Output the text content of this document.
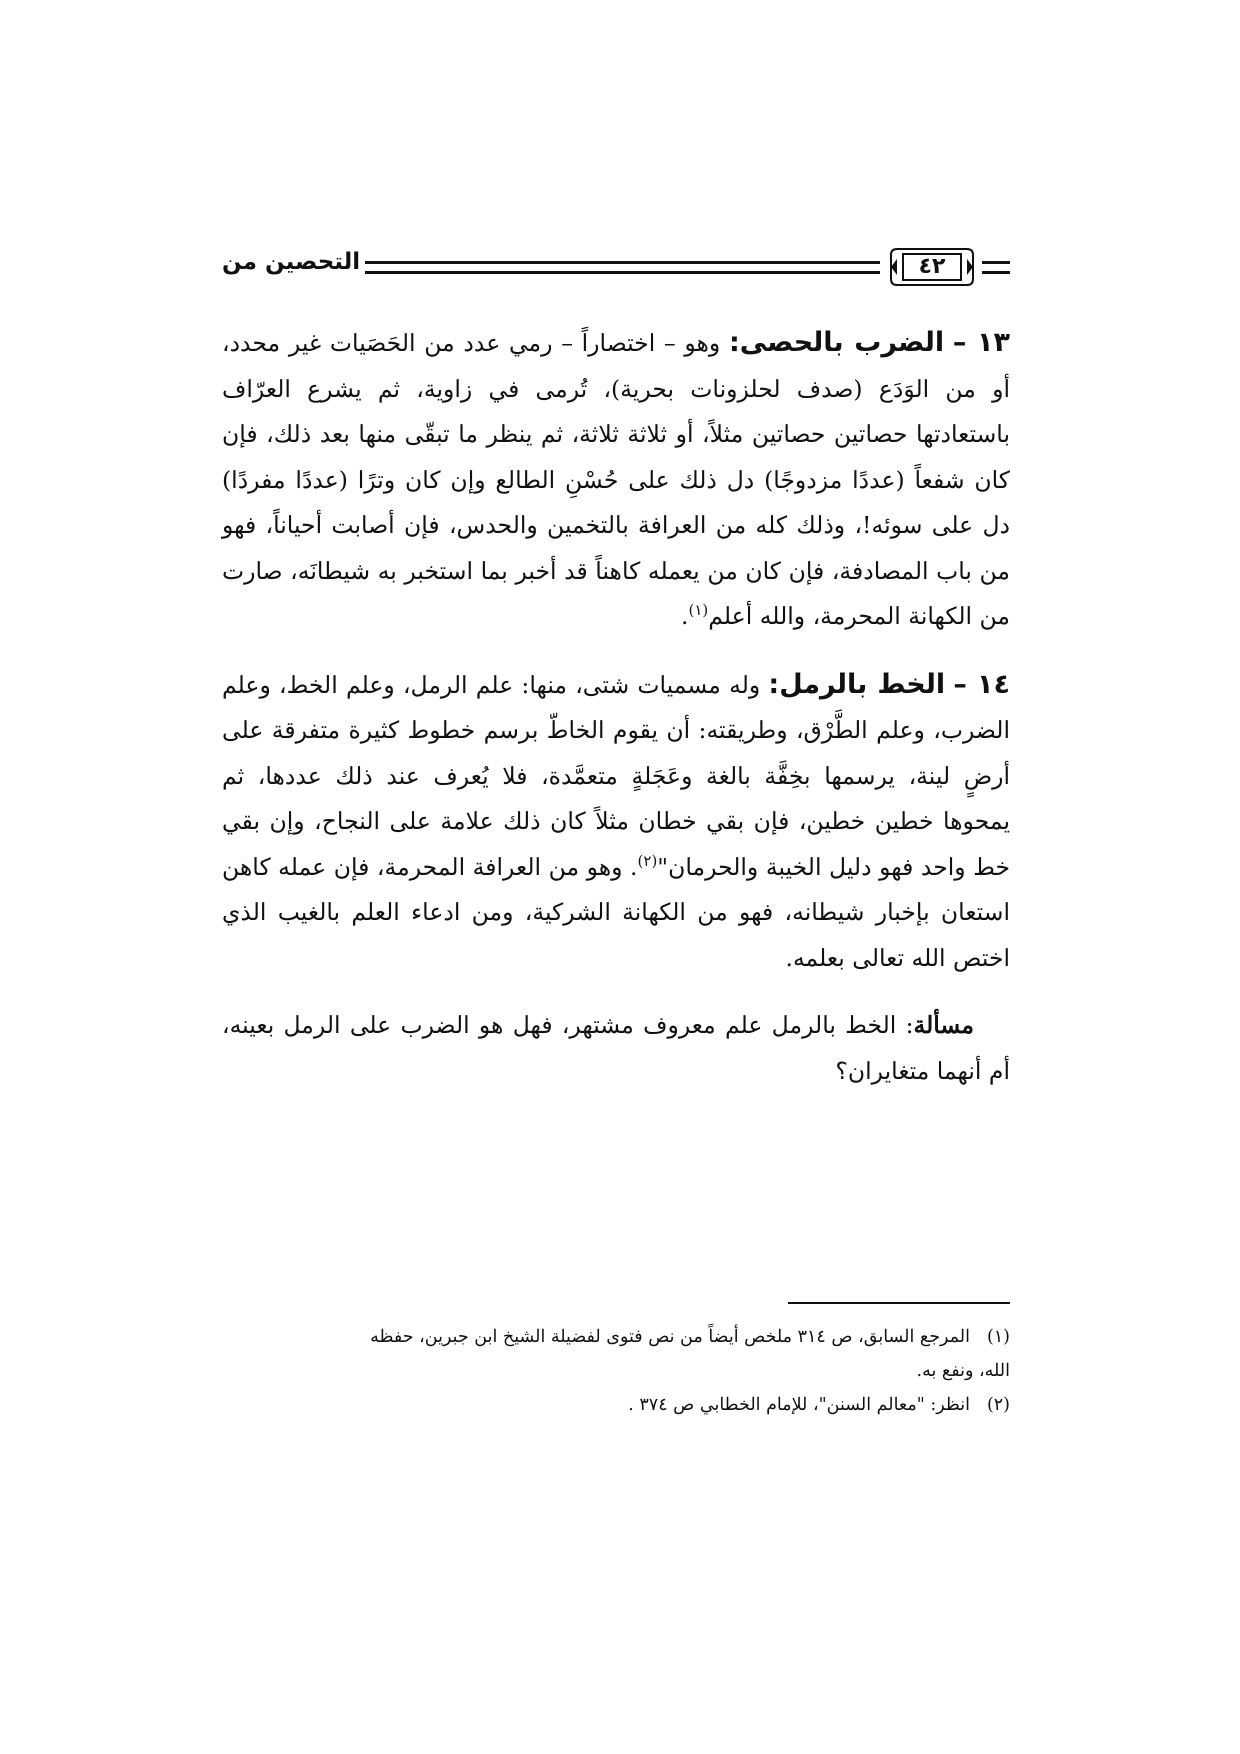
٤٢
التحصين من

١٣ – الضرب بالحصى: وهو – اختصاراً – رمي عدد من الحَصَيات غير محدد، أو من الوَدَع (صدف لحلزونات بحرية)، تُرمى في زاوية، ثم يشرع العرّاف باستعادتها حصاتين حصاتين مثلاً، أو ثلاثة ثلاثة، ثم ينظر ما تبقّى منها بعد ذلك، فإن كان شفعاً (عددًا مزدوجًا) دل ذلك على حُسْنِ الطالع وإن كان وترًا (عددًا مفردًا) دل على سوئه!، وذلك كله من العرافة بالتخمين والحدس، فإن أصابت أحياناً، فهو من باب المصادفة، فإن كان من يعمله كاهناً قد أخبر بما استخبر به شيطانَه، صارت من الكهانة المحرمة، والله أعلم$^{(١)}$.

١٤ – الخط بالرمل: وله مسميات شتى، منها: علم الرمل، وعلم الخط، وعلم الضرب، وعلم الطَّرْق، وطريقته: أن يقوم الخاطّ برسم خطوط كثيرة متفرقة على أرضٍ لينة، يرسمها بخِفَّة بالغة وعَجَلةٍ متعمَّدة، فلا يُعرف عند ذلك عددها، ثم يمحوها خطين خطين، فإن بقي خطان مثلاً كان ذلك علامة على النجاح، وإن بقي خط واحد فهو دليل الخيبة والحرمان"$^{(٢)}$. وهو من العرافة المحرمة، فإن عمله كاهن استعان بإخبار شيطانه، فهو من الكهانة الشركية، ومن ادعاء العلم بالغيب الذي اختص الله تعالى بعلمه.

مسألة: الخط بالرمل علم معروف مشتهر، فهل هو الضرب على الرمل بعينه، أم أنهما متغايران؟

(١)المرجع السابق، ص ٣١٤ ملخص أيضاً من نص فتوى لفضيلة الشيخ ابن جبرين، حفظه

الله، ونفع به.

(٢)انظر: "معالم السنن"، للإمام الخطابي ص ٣٧٤ .
